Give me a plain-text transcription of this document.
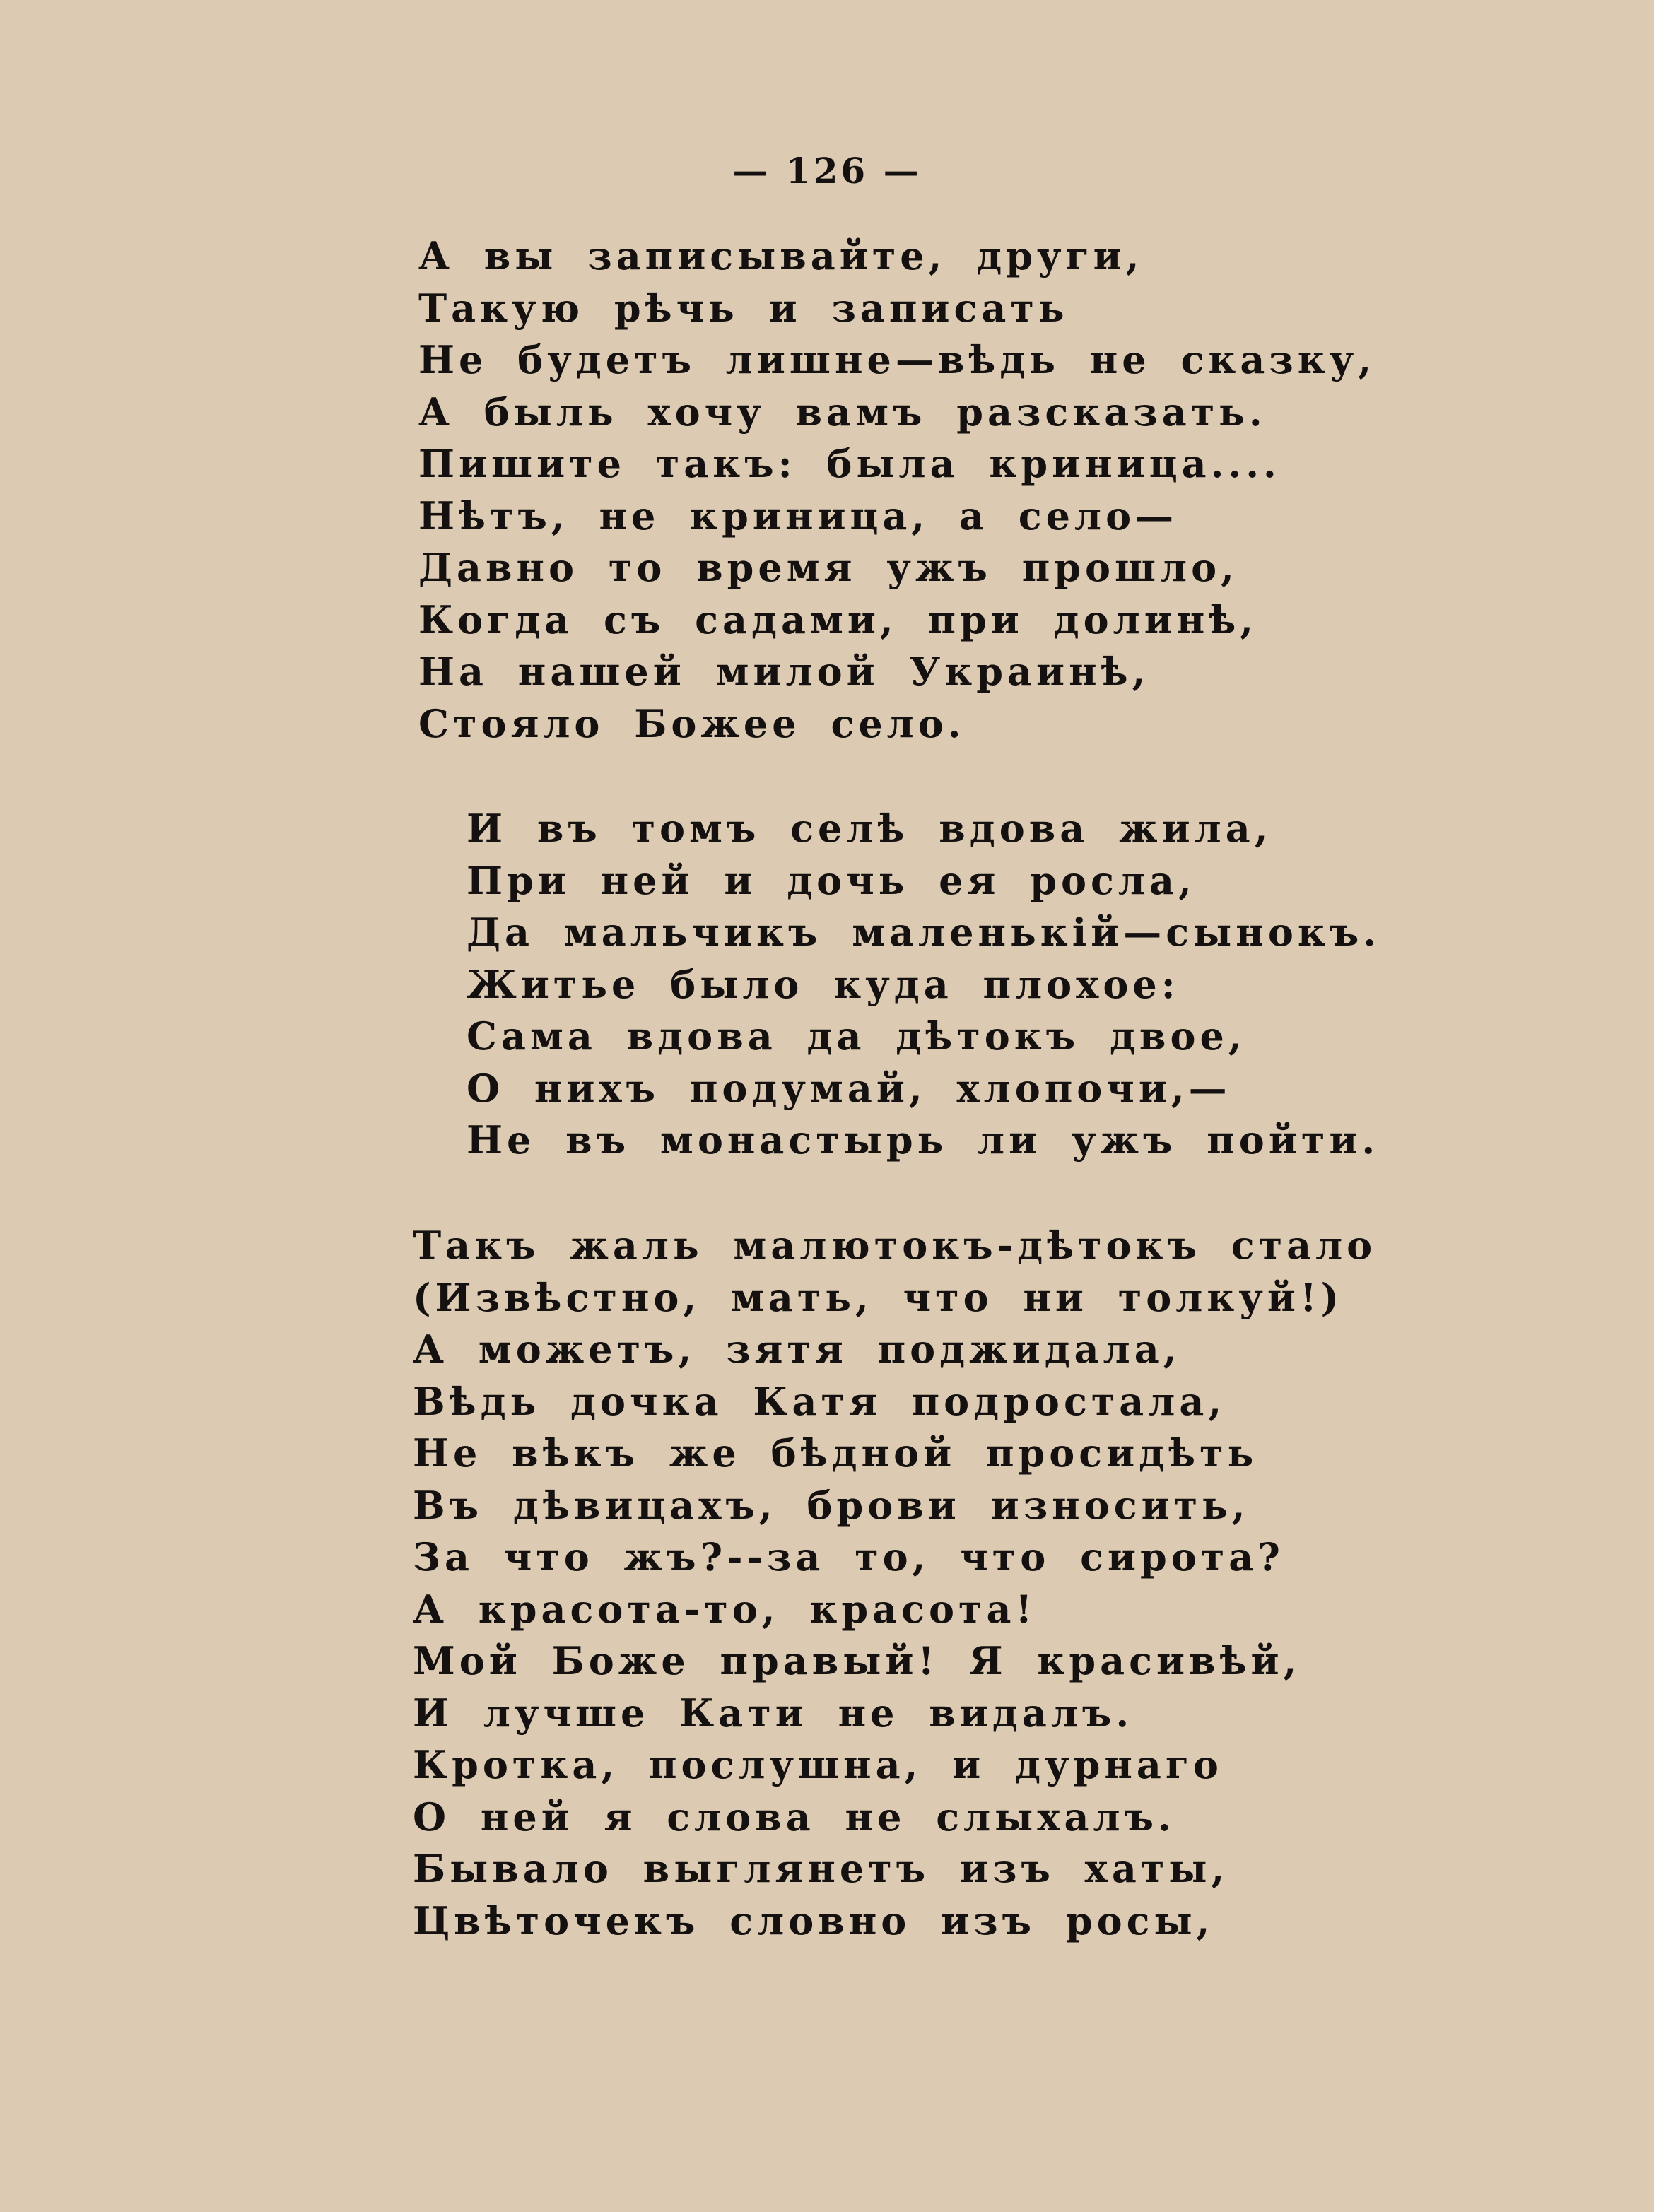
— 126 —
А вы записывайте, други,
Такую рѣчь и записать
Не будетъ лишне—вѣдь не сказку,
А быль хочу вамъ разсказать.
Пишите такъ: была криница....
Нѣтъ, не криница, а село—
Давно то время ужъ прошло,
Когда съ садами, при долинѣ,
На нашей милой Украинѣ,
Стояло Божее село.
И въ томъ селѣ вдова жила,
При ней и дочь ея росла,
Да мальчикъ маленькій—сынокъ.
Житье было куда плохое:
Сама вдова да дѣтокъ двое,
О нихъ подумай, хлопочи,—
Не въ монастырь ли ужъ пойти.
Такъ жаль малютокъ-дѣтокъ стало
(Извѣстно, мать, что ни толкуй!)
А можетъ, зятя поджидала,
Вѣдь дочка Катя подростала,
Не вѣкъ же бѣдной просидѣть
Въ дѣвицахъ, брови износить,
За что жъ?--за то, что сирота?
А красота-то, красота!
Мой Боже правый! Я красивѣй,
И лучше Кати не видалъ.
Кротка, послушна, и дурнаго
О ней я слова не слыхалъ.
Бывало выглянетъ изъ хаты,
Цвѣточекъ словно изъ росы,
